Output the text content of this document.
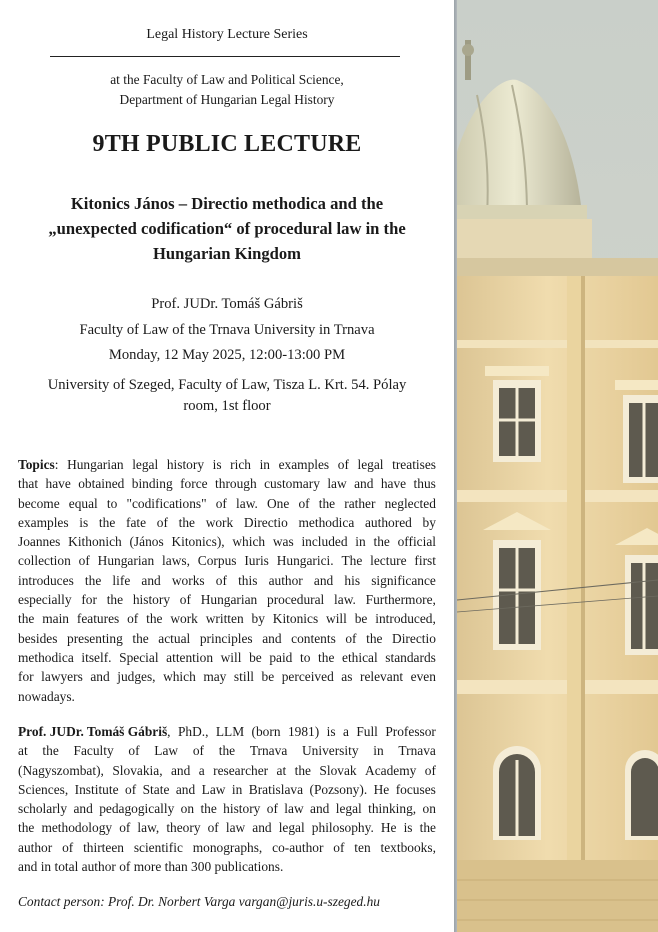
Legal History Lecture Series
at the Faculty of Law and Political Science,
Department of Hungarian Legal History
9TH PUBLIC LECTURE
Kitonics János – Directio methodica and the
„unexpected codification“ of procedural law in the
Hungarian Kingdom
Prof. JUDr. Tomáš Gábriš
Faculty of Law of the Trnava University in Trnava
Monday, 12 May 2025, 12:00-13:00 PM
University of Szeged, Faculty of Law, Tisza L. Krt. 54. Pólay
room, 1st floor
Topics: Hungarian legal history is rich in examples of legal treatises
that have obtained binding force through customary law and have thus
become equal to "codifications" of law. One of the rather neglected
examples is the fate of the work Directio methodica authored by
Joannes Kithonich (János Kitonics), which was included in the official
collection of Hungarian laws, Corpus Iuris Hungarici. The lecture first
introduces the life and works of this author and his significance
especially for the history of Hungarian procedural law. Furthermore,
the main features of the work written by Kitonics will be introduced,
besides presenting the actual principles and contents of the Directio
methodica itself. Special attention will be paid to the ethical standards
for lawyers and judges, which may still be perceived as relevant even
nowadays.
Prof. JUDr. Tomáš Gábriš, PhD., LLM (born 1981) is a Full Professor
at the Faculty of Law of the Trnava University in Trnava
(Nagyszombat), Slovakia, and a researcher at the Slovak Academy of
Sciences, Institute of State and Law in Bratislava (Pozsony). He focuses
scholarly and pedagogically on the history of law and legal thinking, on
the methodology of law, theory of law and legal philosophy. He is the
author of thirteen scientific monographs, co-author of ten textbooks,
and in total author of more than 300 publications.
Contact person: Prof. Dr. Norbert Varga vargan@juris.u-szeged.hu
